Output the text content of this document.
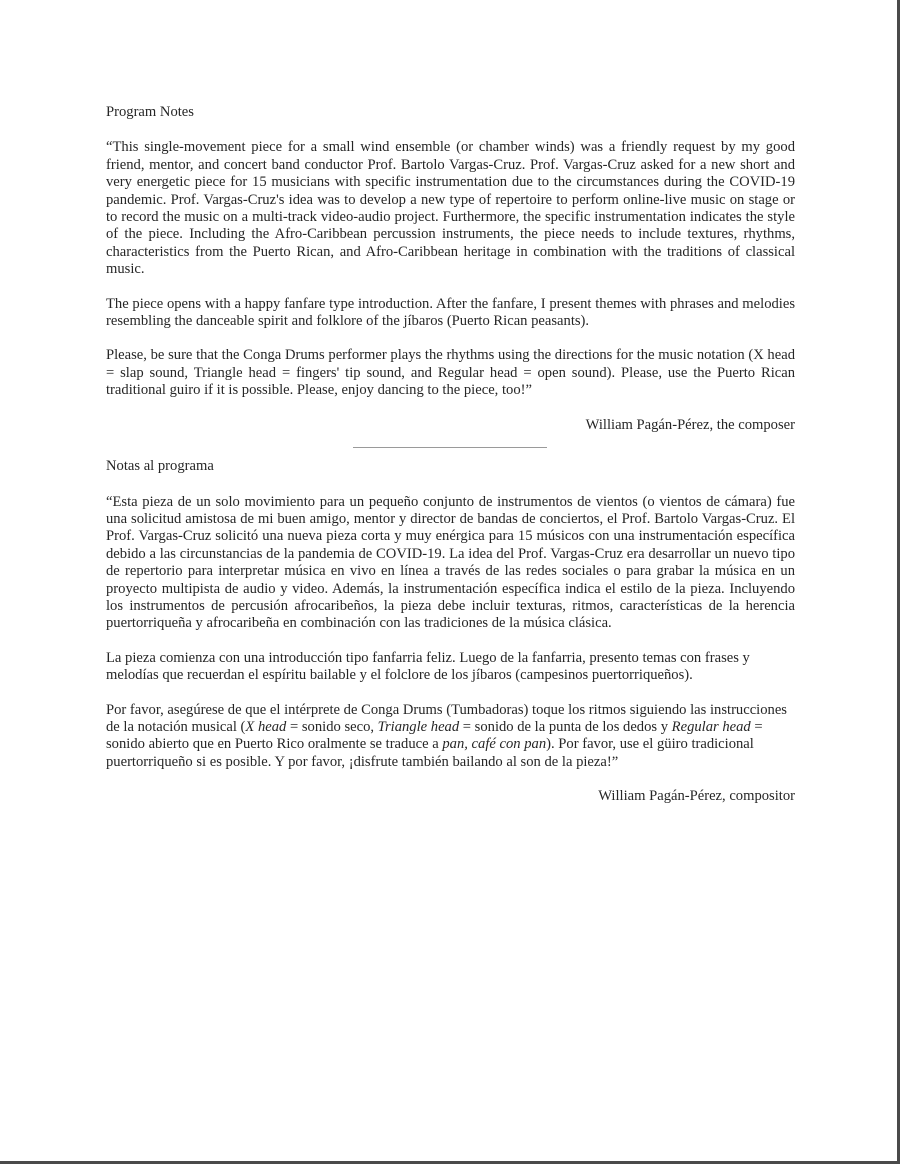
Program Notes

“This single-movement piece for a small wind ensemble (or chamber winds) was a friendly request by my good friend, mentor, and concert band conductor Prof. Bartolo Vargas-Cruz. Prof. Vargas-Cruz asked for a new short and very energetic piece for 15 musicians with specific instrumentation due to the circumstances during the COVID-19 pandemic. Prof. Vargas-Cruz's idea was to develop a new type of repertoire to perform online-live music on stage or to record the music on a multi-track video-audio project. Furthermore, the specific instrumentation indicates the style of the piece. Including the Afro-Caribbean percussion instruments, the piece needs to include textures, rhythms, characteristics from the Puerto Rican, and Afro-Caribbean heritage in combination with the traditions of classical music.

The piece opens with a happy fanfare type introduction. After the fanfare, I present themes with phrases and melodies resembling the danceable spirit and folklore of the jíbaros (Puerto Rican peasants).

Please, be sure that the Conga Drums performer plays the rhythms using the directions for the music notation (X head = slap sound, Triangle head = fingers' tip sound, and Regular head = open sound). Please, use the Puerto Rican traditional guiro if it is possible. Please, enjoy dancing to the piece, too!”

William Pagán-Pérez, the composer

Notas al programa

“Esta pieza de un solo movimiento para un pequeño conjunto de instrumentos de vientos (o vientos de cámara) fue una solicitud amistosa de mi buen amigo, mentor y director de bandas de conciertos, el Prof. Bartolo Vargas-Cruz. El Prof. Vargas-Cruz solicitó una nueva pieza corta y muy enérgica para 15 músicos con una instrumentación específica debido a las circunstancias de la pandemia de COVID-19. La idea del Prof. Vargas-Cruz era desarrollar un nuevo tipo de repertorio para interpretar música en vivo en línea a través de las redes sociales o para grabar la música en un proyecto multipista de audio y video. Además, la instrumentación específica indica el estilo de la pieza. Incluyendo los instrumentos de percusión afrocaribeños, la pieza debe incluir texturas, ritmos, características de la herencia puertorriqueña y afrocaribeña en combinación con las tradiciones de la música clásica.

La pieza comienza con una introducción tipo fanfarria feliz. Luego de la fanfarria, presento temas con frases y melodías que recuerdan el espíritu bailable y el folclore de los jíbaros (campesinos puertorriqueños).

Por favor, asegúrese de que el intérprete de Conga Drums (Tumbadoras) toque los ritmos siguiendo las instrucciones de la notación musical (X head = sonido seco, Triangle head = sonido de la punta de los dedos y Regular head = sonido abierto que en Puerto Rico oralmente se traduce a pan, café con pan). Por favor, use el güiro tradicional puertorriqueño si es posible. Y por favor, ¡disfrute también bailando al son de la pieza!”

William Pagán-Pérez, compositor
